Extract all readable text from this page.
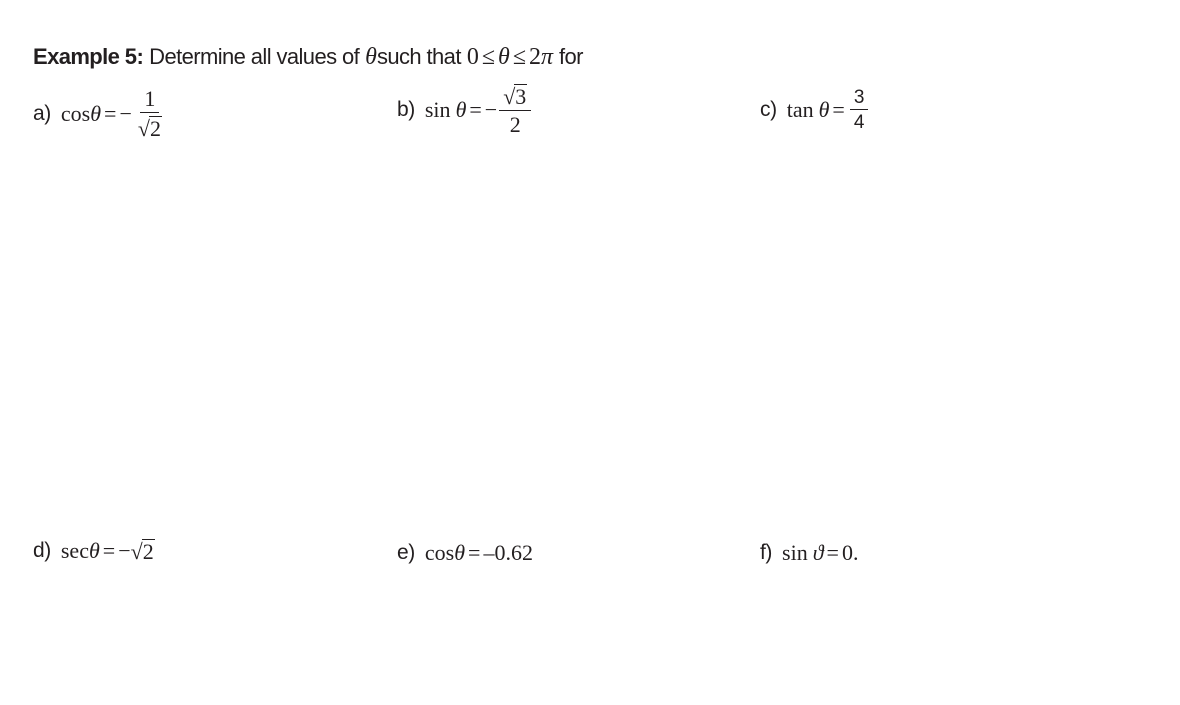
Example 5: Determine all values of θ such that 0 ≤ θ ≤ 2 π for
a) cos θ = − $\frac{1}{√ 2}$	b) sin θ = − $\frac{√ 3}{2}$	c) $\tan \theta = \frac{3}{4}$
d) sec θ = − √ 2	e) cos θ = –0.62	f) sin ϑ = 0 .
